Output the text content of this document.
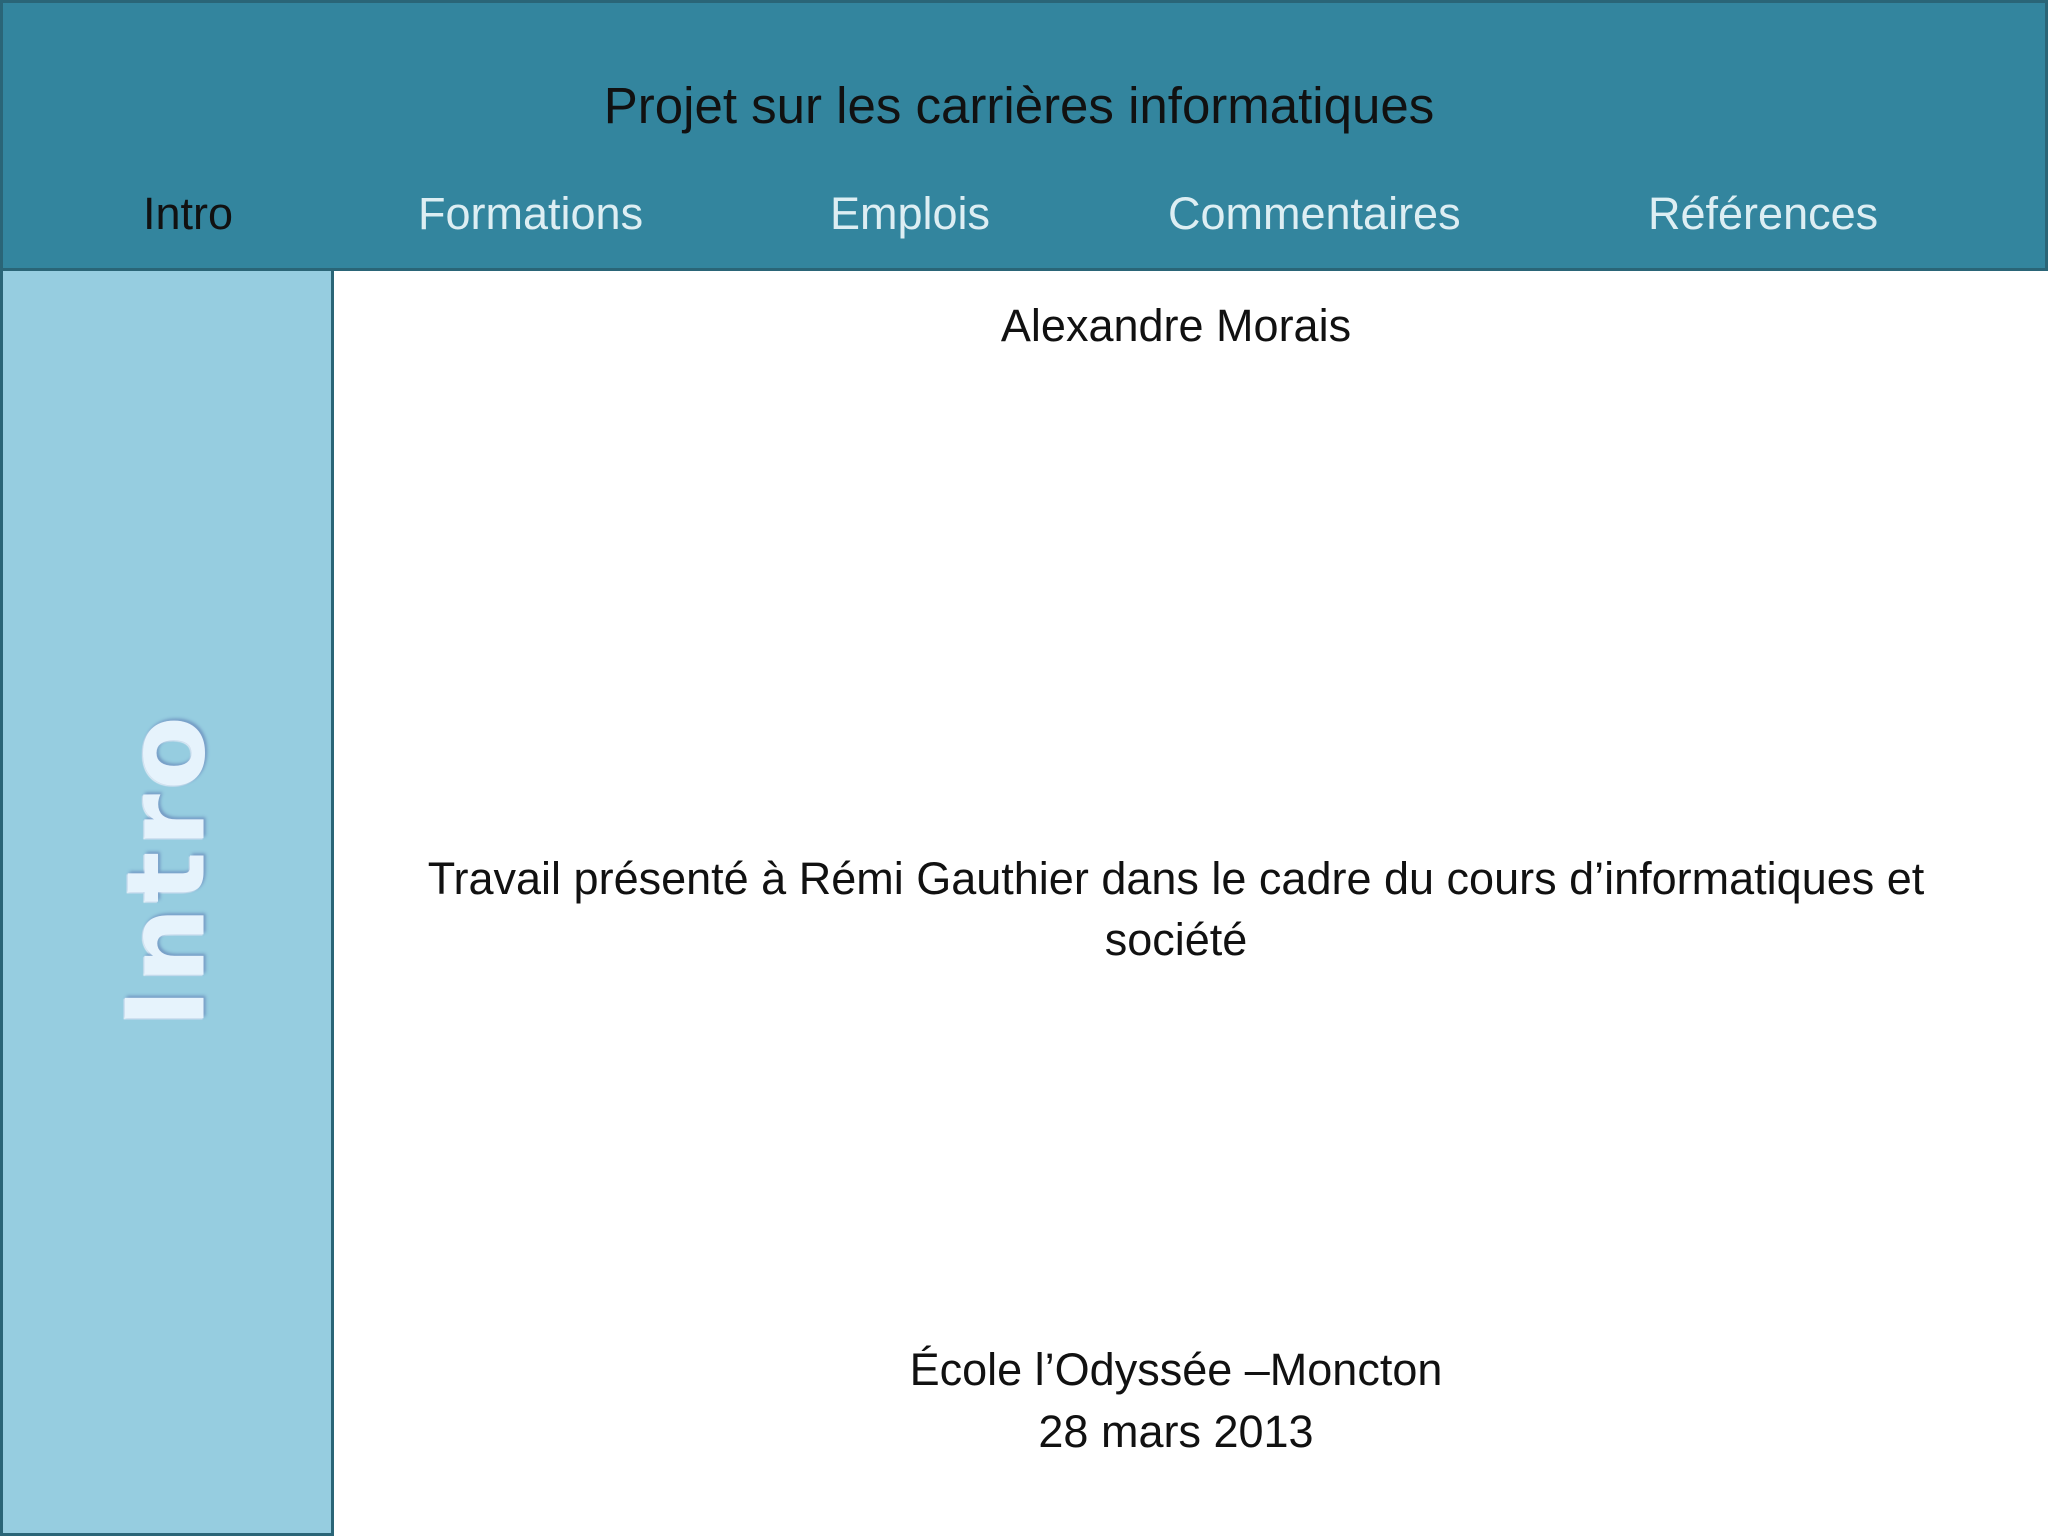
Projet sur les carrières informatiques
Intro	Formations	Emplois	Commentaires	Références
Intro
Alexandre Morais
Travail présenté à Rémi Gauthier dans le cadre du cours d’informatiques et
société
École l’Odyssée –Moncton
28 mars 2013
